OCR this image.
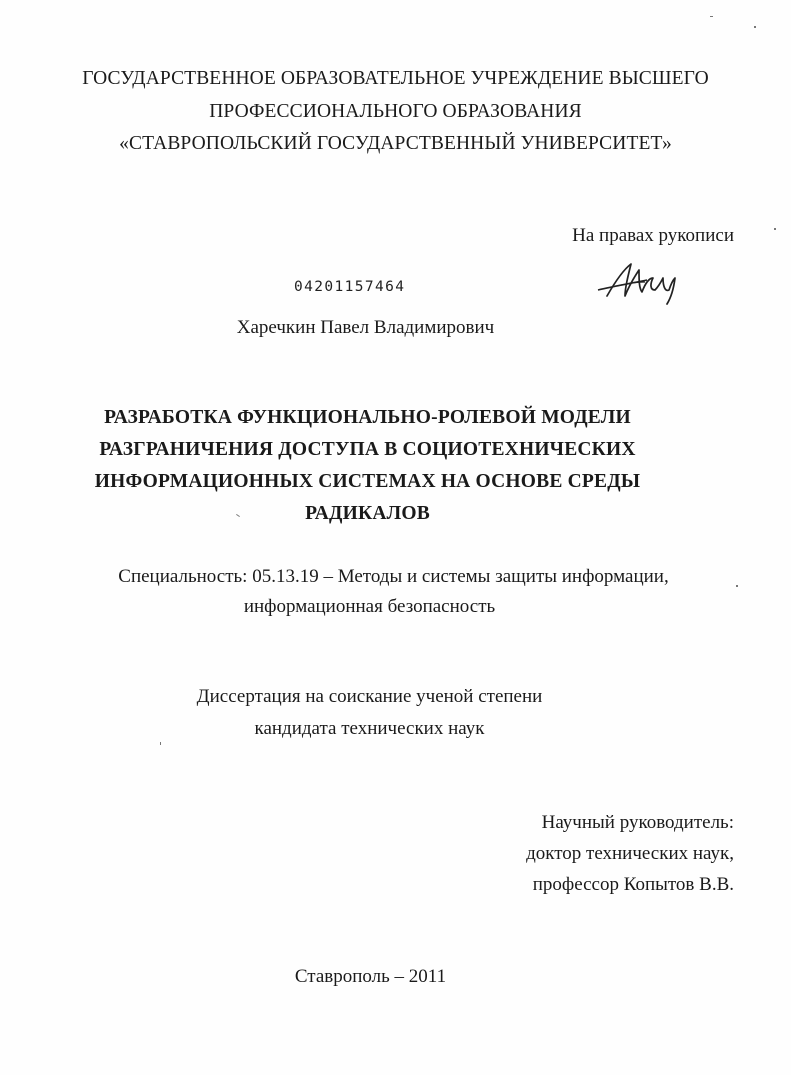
ГОСУДАРСТВЕННОЕ ОБРАЗОВАТЕЛЬНОЕ УЧРЕЖДЕНИЕ ВЫСШЕГО
ПРОФЕССИОНАЛЬНОГО ОБРАЗОВАНИЯ
«СТАВРОПОЛЬСКИЙ ГОСУДАРСТВЕННЫЙ УНИВЕРСИТЕТ»
На правах рукописи
04201157464
Харечкин Павел Владимирович
РАЗРАБОТКА ФУНКЦИОНАЛЬНО-РОЛЕВОЙ МОДЕЛИ
РАЗГРАНИЧЕНИЯ ДОСТУПА В СОЦИОТЕХНИЧЕСКИХ
ИНФОРМАЦИОННЫХ СИСТЕМАХ НА ОСНОВЕ СРЕДЫ
РАДИКАЛОВ
Специальность: 05.13.19 – Методы и системы защиты информации,
информационная безопасность
Диссертация на соискание ученой степени
кандидата технических наук
Научный руководитель:
доктор технических наук,
профессор Копытов В.В.
Ставрополь – 2011
